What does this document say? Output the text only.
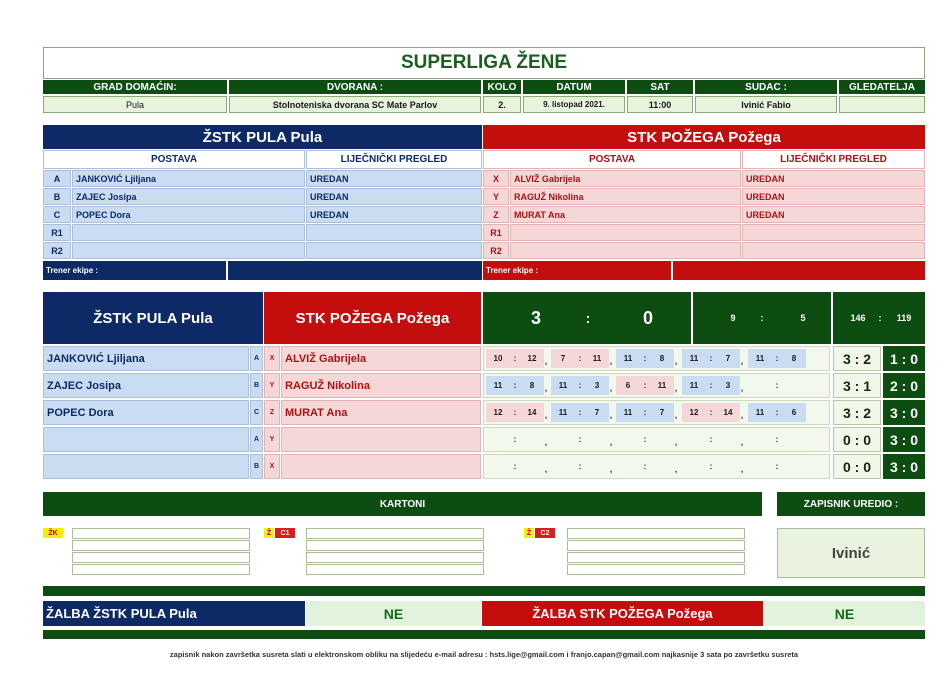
SUPERLIGA ŽENE
GRAD DOMAĆIN:	DVORANA :	KOLO	DATUM	SAT	SUDAC :	GLEDATELJA
Pula	Stolnoteniska dvorana SC Mate Parlov	2.	9. listopad 2021.	11:00	Ivinić Fabio
ŽSTK PULA Pula	STK POŽEGA Požega
POSTAVA	LIJEČNIČKI PREGLED	POSTAVA	LIJEČNIČKI PREGLED
A	JANKOVIĆ Ljiljana	UREDAN
B	ZAJEC Josipa	UREDAN
C	POPEC Dora	UREDAN
R1
R2
X	ALVIŽ Gabrijela	UREDAN
Y	RAGUŽ Nikolina	UREDAN
Z	MURAT Ana	UREDAN
R1
R2
Trener ekipe :	Trener ekipe :
ŽSTK PULA Pula	STK POŽEGA Požega	3	:	0	9	:	5	146	:	119
JANKOVIĆ Ljiljana	A	X ALVIŽ Gabrijela	10	:	12	,	7	:	11	,	11	:	8	,	11	:	7	,	11	:	8	3 : 2	1 : 0
ZAJEC Josipa	B	Y RAGUŽ Nikolina	11	:	8	,	11	:	3	,	6	:	11	,	11	:	3	,	:	3 : 1	2 : 0
POPEC Dora	C	Z MURAT Ana	12	:	14	,	11	:	7	,	11	:	7	,	12	:	14	,	11	:	6	3 : 2	3 : 0
A	Y	:	,	:	,	:	,	:	,	:	0 : 0	3 : 0
B	X	:	,	:	,	:	,	:	,	:	0 : 0	3 : 0
KARTONI	ZAPISNIK UREDIO :
ŽK	Ž	C1	Ž	C2
Ivinić
ŽALBA ŽSTK PULA Pula	NE	ŽALBA STK POŽEGA Požega	NE
zapisnik nakon završetka susreta slati u elektronskom obliku na slijedeću e-mail adresu : hsts.lige@gmail.com i franjo.capan@gmail.com najkasnije 3 sata po završetku susreta
